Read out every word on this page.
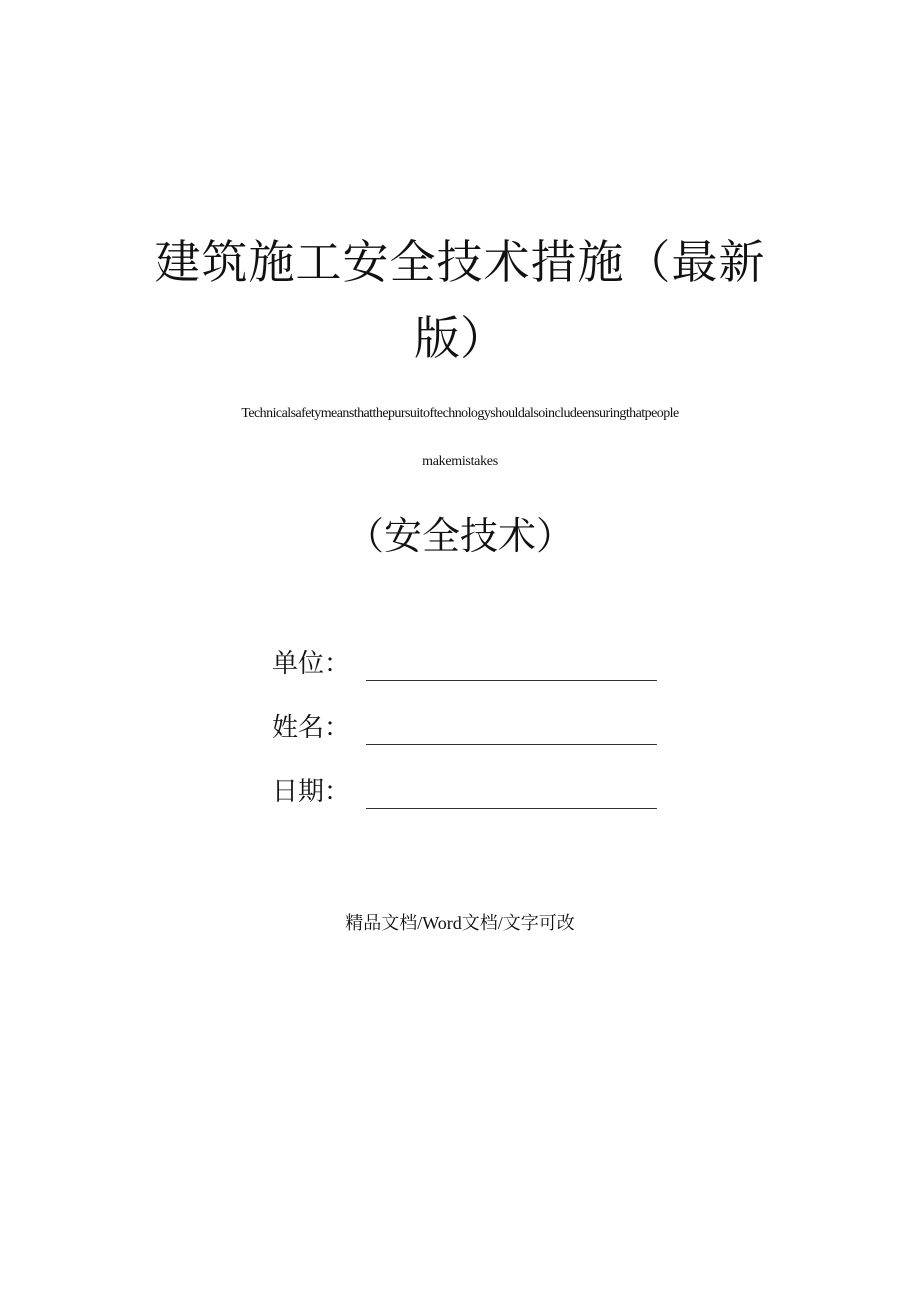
建筑施工安全技术措施（最新
版）
Technicalsafetymeansthatthepursuitoftechnologyshouldalsoincludeensuringthatpeople
makemistakes
（安全技术）
单位：
姓名：
日期：
精品文档/Word文档/文字可改
